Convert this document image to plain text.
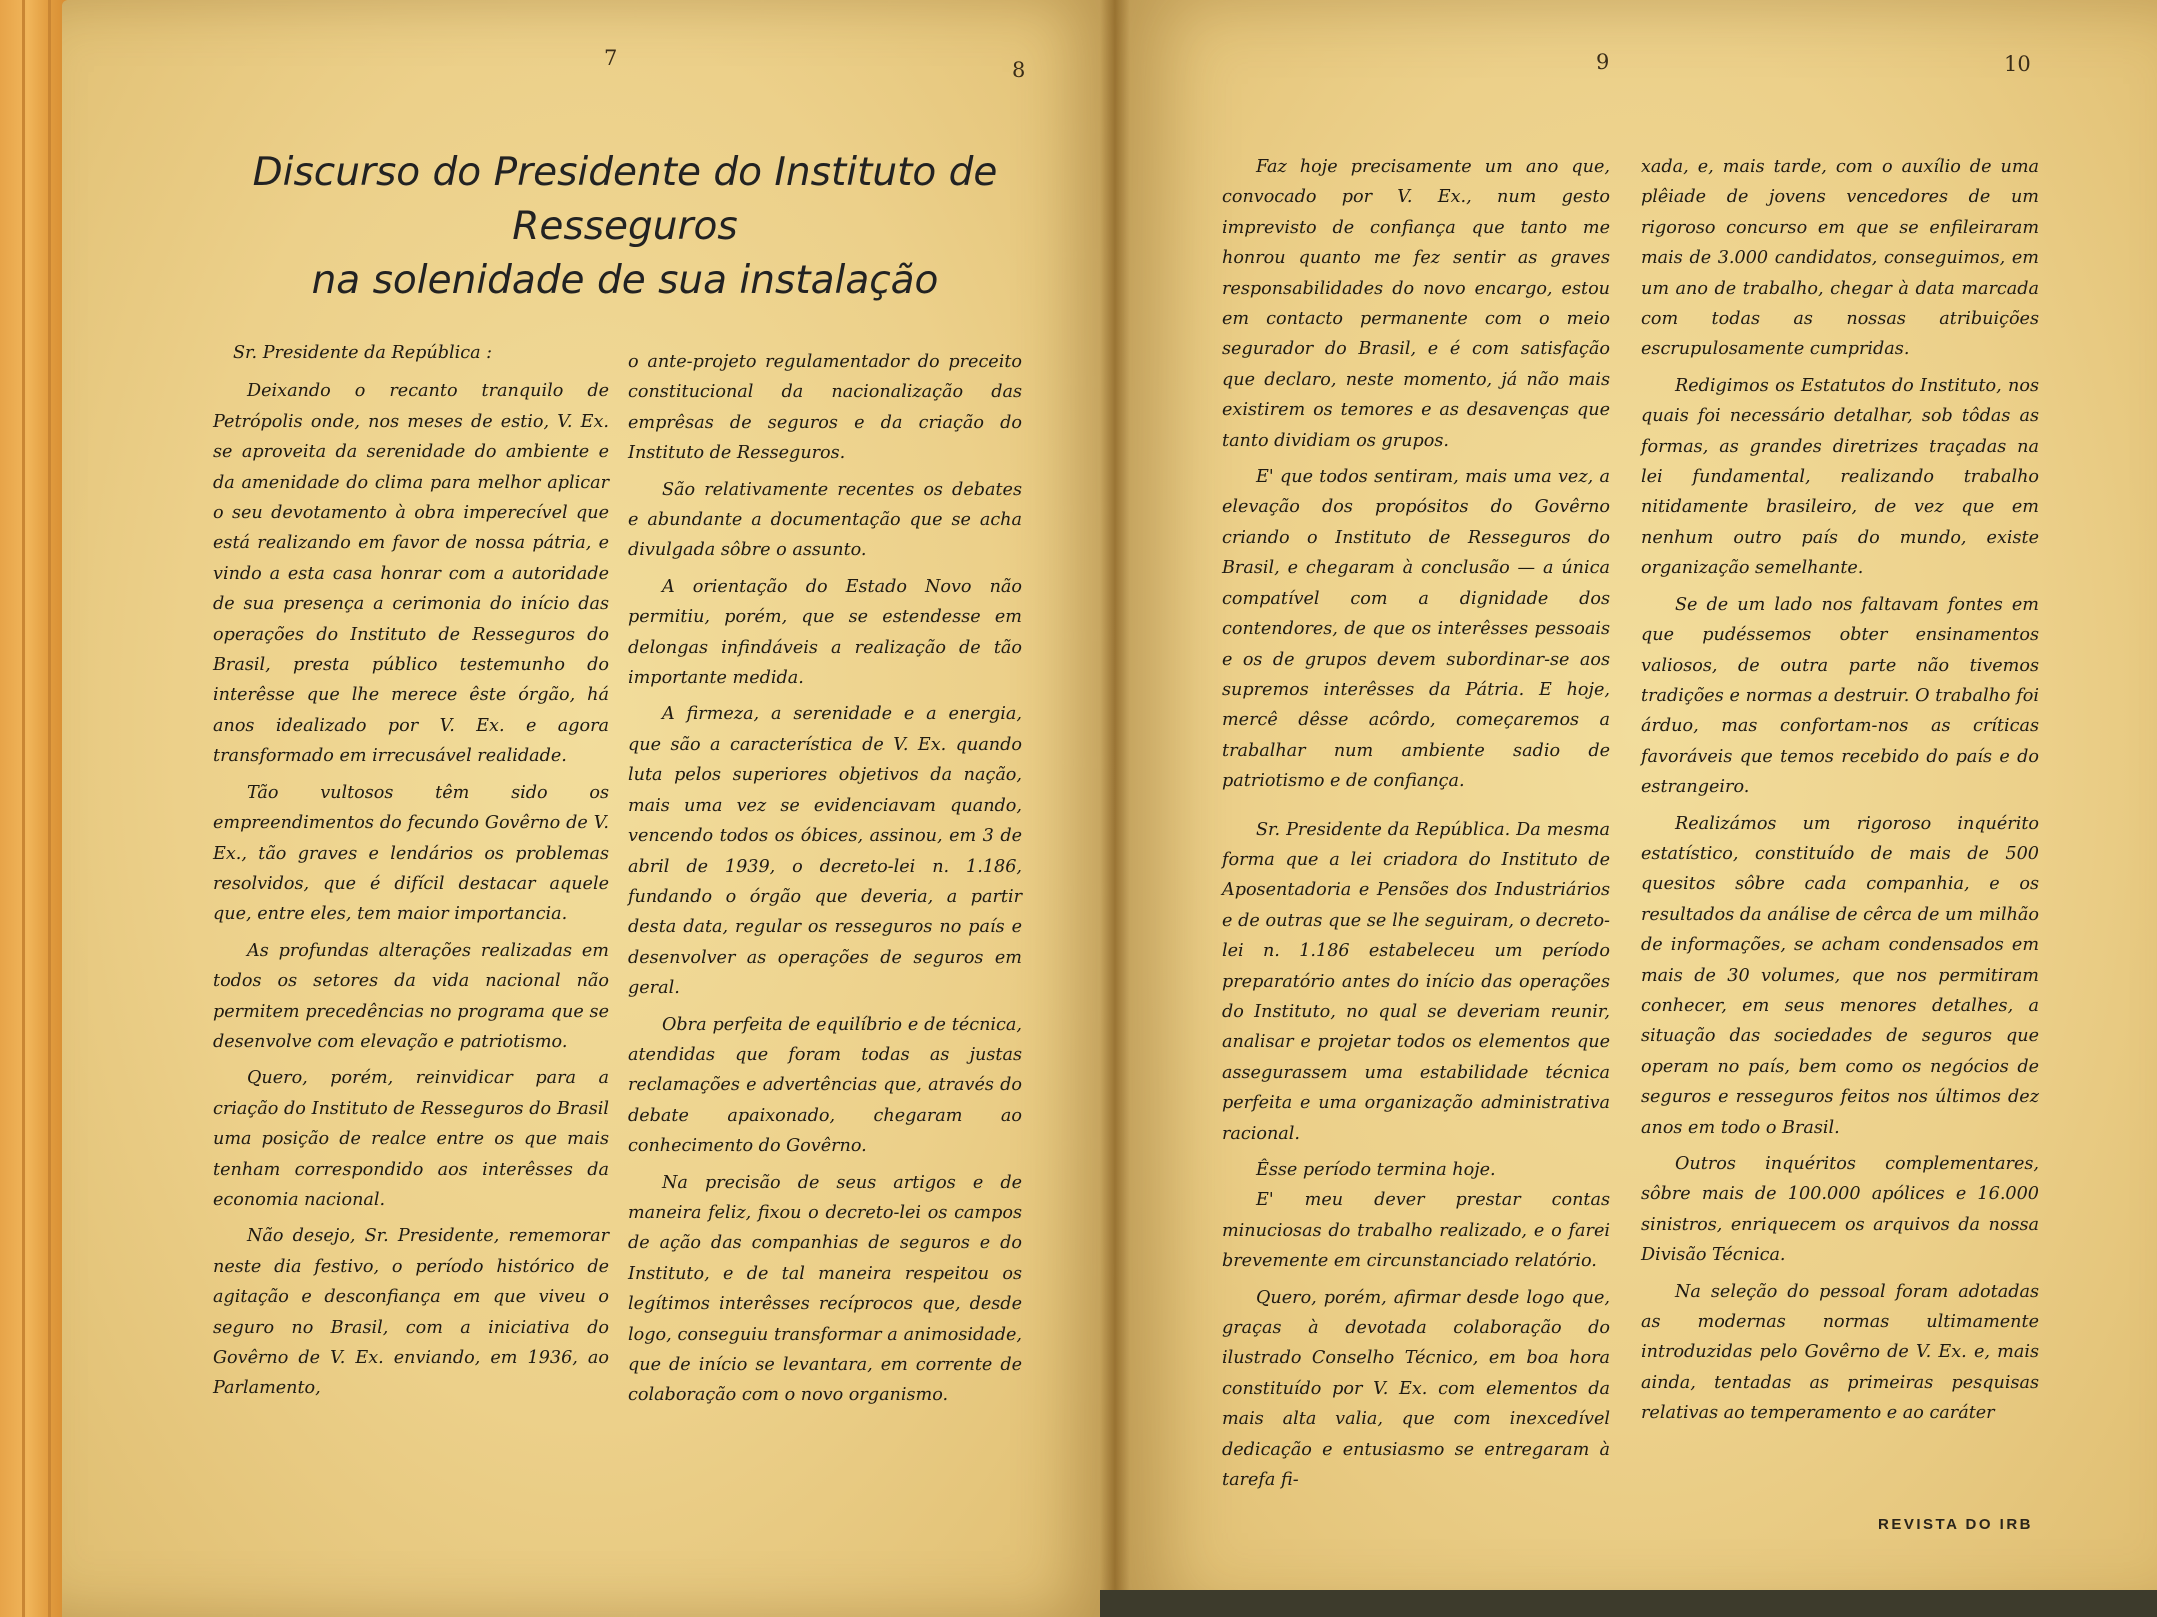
7	8	9	10
Discurso do Presidente do Instituto de Resseguros
na solenidade de sua instalação

Sr. Presidente da República :

Deixando o recanto tranquilo de Petrópolis onde, nos meses de estio, V. Ex. se aproveita da serenidade do ambiente e da amenidade do clima para melhor aplicar o seu devotamento à obra imperecível que está realizando em favor de nossa pátria, e vindo a esta casa honrar com a autoridade de sua presença a cerimonia do início das operações do Instituto de Resseguros do Brasil, presta público testemunho do interêsse que lhe merece êste órgão, há anos idealizado por V. Ex. e agora transformado em irrecusável realidade.

Tão vultosos têm sido os empreendimentos do fecundo Govêrno de V. Ex., tão graves e lendários os problemas resolvidos, que é difícil destacar aquele que, entre eles, tem maior importancia.

As profundas alterações realizadas em todos os setores da vida nacional não permitem precedências no programa que se desenvolve com elevação e patriotismo.

Quero, porém, reinvidicar para a criação do Instituto de Resseguros do Brasil uma posição de realce entre os que mais tenham correspondido aos interêsses da economia nacional.

Não desejo, Sr. Presidente, rememorar neste dia festivo, o período histórico de agitação e desconfiança em que viveu o seguro no Brasil, com a iniciativa do Govêrno de V. Ex. enviando, em 1936, ao Parlamento,

o ante-projeto regulamentador do preceito constitucional da nacionalização das emprêsas de seguros e da criação do Instituto de Resseguros.

São relativamente recentes os debates e abundante a documentação que se acha divulgada sôbre o assunto.

A orientação do Estado Novo não permitiu, porém, que se estendesse em delongas infindáveis a realização de tão importante medida.

A firmeza, a serenidade e a energia, que são a característica de V. Ex. quando luta pelos superiores objetivos da nação, mais uma vez se evidenciavam quando, vencendo todos os óbices, assinou, em 3 de abril de 1939, o decreto-lei n. 1.186, fundando o órgão que deveria, a partir desta data, regular os resseguros no país e desenvolver as operações de seguros em geral.

Obra perfeita de equilíbrio e de técnica, atendidas que foram todas as justas reclamações e advertências que, através do debate apaixonado, chegaram ao conhecimento do Govêrno.

Na precisão de seus artigos e de maneira feliz, fixou o decreto-lei os campos de ação das companhias de seguros e do Instituto, e de tal maneira respeitou os legítimos interêsses recíprocos que, desde logo, conseguiu transformar a animosidade, que de início se levantara, em corrente de colaboração com o novo organismo.

Faz hoje precisamente um ano que, convocado por V. Ex., num gesto imprevisto de confiança que tanto me honrou quanto me fez sentir as graves responsabilidades do novo encargo, estou em contacto permanente com o meio segurador do Brasil, e é com satisfação que declaro, neste momento, já não mais existirem os temores e as desavenças que tanto dividiam os grupos.

E' que todos sentiram, mais uma vez, a elevação dos propósitos do Govêrno criando o Instituto de Resseguros do Brasil, e chegaram à conclusão — a única compatível com a dignidade dos contendores, de que os interêsses pessoais e os de grupos devem subordinar-se aos supremos interêsses da Pátria. E hoje, mercê dêsse acôrdo, começaremos a trabalhar num ambiente sadio de patriotismo e de confiança.

Sr. Presidente da República. Da mesma forma que a lei criadora do Instituto de Aposentadoria e Pensões dos Industriários e de outras que se lhe seguiram, o decreto-lei n. 1.186 estabeleceu um período preparatório antes do início das operações do Instituto, no qual se deveriam reunir, analisar e projetar todos os elementos que assegurassem uma estabilidade técnica perfeita e uma organização administrativa racional.

Êsse período termina hoje.

E' meu dever prestar contas minuciosas do trabalho realizado, e o farei brevemente em circunstanciado relatório.

Quero, porém, afirmar desde logo que, graças à devotada colaboração do ilustrado Conselho Técnico, em boa hora constituído por V. Ex. com elementos da mais alta valia, que com inexcedível dedicação e entusiasmo se entregaram à tarefa fi-

xada, e, mais tarde, com o auxílio de uma plêiade de jovens vencedores de um rigoroso concurso em que se enfileiraram mais de 3.000 candidatos, conseguimos, em um ano de trabalho, chegar à data marcada com todas as nossas atribuições escrupulosamente cumpridas.

Redigimos os Estatutos do Instituto, nos quais foi necessário detalhar, sob tôdas as formas, as grandes diretrizes traçadas na lei fundamental, realizando trabalho nitidamente brasileiro, de vez que em nenhum outro país do mundo, existe organização semelhante.

Se de um lado nos faltavam fontes em que pudéssemos obter ensinamentos valiosos, de outra parte não tivemos tradições e normas a destruir. O trabalho foi árduo, mas confortam-nos as críticas favoráveis que temos recebido do país e do estrangeiro.

Realizámos um rigoroso inquérito estatístico, constituído de mais de 500 quesitos sôbre cada companhia, e os resultados da análise de cêrca de um milhão de informações, se acham condensados em mais de 30 volumes, que nos permitiram conhecer, em seus menores detalhes, a situação das sociedades de seguros que operam no país, bem como os negócios de seguros e resseguros feitos nos últimos dez anos em todo o Brasil.

Outros inquéritos complementares, sôbre mais de 100.000 apólices e 16.000 sinistros, enriquecem os arquivos da nossa Divisão Técnica.

Na seleção do pessoal foram adotadas as modernas normas ultimamente introduzidas pelo Govêrno de V. Ex. e, mais ainda, tentadas as primeiras pesquisas relativas ao temperamento e ao caráter

REVISTA DO IRB
